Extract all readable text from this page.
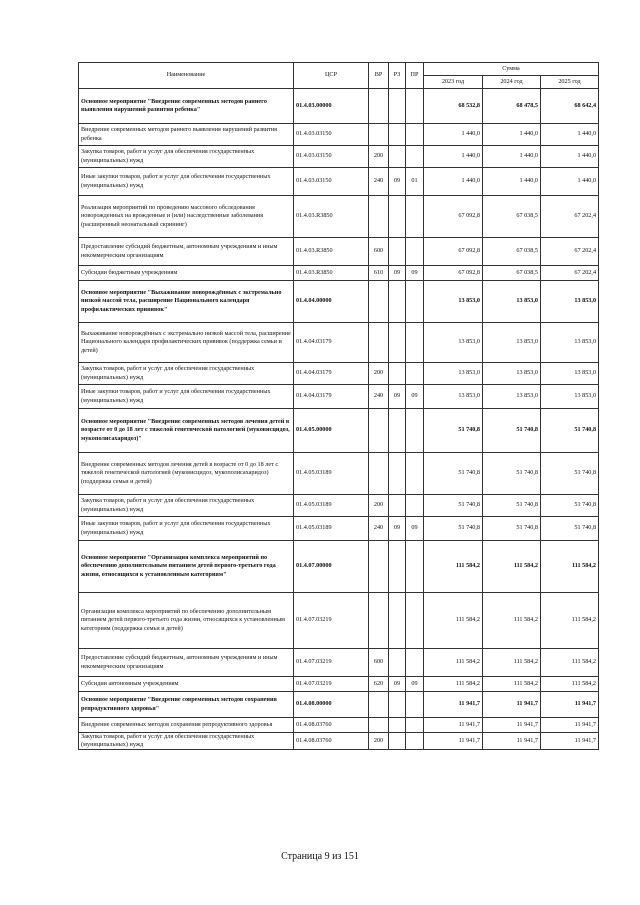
Наименование	ЦСР	ВР	РЗ	ПР	Сумма		
					2023 год	2024 год	2025 год
Основное мероприятие "Внедрение современных методов раннего выявления нарушений развития ребенка"	01.4.03.00000				68 532,8	68 478,5	68 642,4
Внедрение современных методов раннего выявления нарушений развития ребенка	01.4.03.03150				1 440,0	1 440,0	1 440,0
Закупка товаров, работ и услуг для обеспечения государственных (муниципальных) нужд	01.4.03.03150	200			1 440,0	1 440,0	1 440,0
Иные закупки товаров, работ и услуг для обеспечения государственных (муниципальных) нужд	01.4.03.03150	240	09	01	1 440,0	1 440,0	1 440,0
Реализация мероприятий по проведению массового обследования новорожденных на врожденные и (или) наследственные заболевания (расширенный неонатальный скрининг)	01.4.03.R3850				67 092,8	67 038,5	67 202,4
Предоставление субсидий бюджетным, автономным учреждениям и иным некоммерческим организациям	01.4.03.R3850	600			67 092,8	67 038,5	67 202,4
Субсидии бюджетным учреждениям	01.4.03.R3850	610	09	09	67 092,8	67 038,5	67 202,4
Основное мероприятие "Выхаживание новорождённых с экстремально низкой массой тела, расширение Национального календаря профилактических прививок"	01.4.04.00000				13 853,0	13 853,0	13 853,0
Выхаживание новорождённых с экстремально низкой массой тела, расширение Национального календаря профилактических прививок (поддержка семьи и детей)	01.4.04.03179				13 853,0	13 853,0	13 853,0
Закупка товаров, работ и услуг для обеспечения государственных (муниципальных) нужд	01.4.04.03179	200			13 853,0	13 853,0	13 853,0
Иные закупки товаров, работ и услуг для обеспечения государственных (муниципальных) нужд	01.4.04.03179	240	09	09	13 853,0	13 853,0	13 853,0
Основное мероприятие "Внедрение современных методов лечения детей в возрасте от 0 до 18 лет с тяжелой генетической патологией (муковисцидоз, мукополисахаридоз)"	01.4.05.00000				51 740,8	51 740,8	51 740,8
Внедрение современных методов лечения детей в возрасте от 0 до 18 лет с тяжелой генетической патологией (муковисцидоз, мукополисахаридоз) (поддержка семьи и детей)	01.4.05.03189				51 740,8	51 740,8	51 740,8
Закупка товаров, работ и услуг для обеспечения государственных (муниципальных) нужд	01.4.05.03189	200			51 740,8	51 740,8	51 740,8
Иные закупки товаров, работ и услуг для обеспечения государственных (муниципальных) нужд	01.4.05.03189	240	09	09	51 740,8	51 740,8	51 740,8
Основное мероприятие "Организация комплекса мероприятий по обеспечению дополнительным питанием детей первого-третьего года жизни, относящихся к установленным категориям"	01.4.07.00000				111 584,2	111 584,2	111 584,2
Организация комплекса мероприятий по обеспечению дополнительным питанием детей первого-третьего года жизни, относящихся к установленным категориям (поддержка семьи и детей)	01.4.07.03219				111 584,2	111 584,2	111 584,2
Предоставление субсидий бюджетным, автономным учреждениям и иным некоммерческим организациям	01.4.07.03219	600			111 584,2	111 584,2	111 584,2
Субсидии автономным учреждениям	01.4.07.03219	620	09	09	111 584,2	111 584,2	111 584,2
Основное мероприятие "Внедрение современных методов сохранения репродуктивного здоровья"	01.4.08.00000				11 941,7	11 941,7	11 941,7
Внедрение современных методов сохранения репродуктивного здоровья	01.4.08.03760				11 941,7	11 941,7	11 941,7
Закупка товаров, работ и услуг для обеспечения государственных (муниципальных) нужд	01.4.08.03760	200			11 941,7	11 941,7	11 941,7
Страница 9 из 151
